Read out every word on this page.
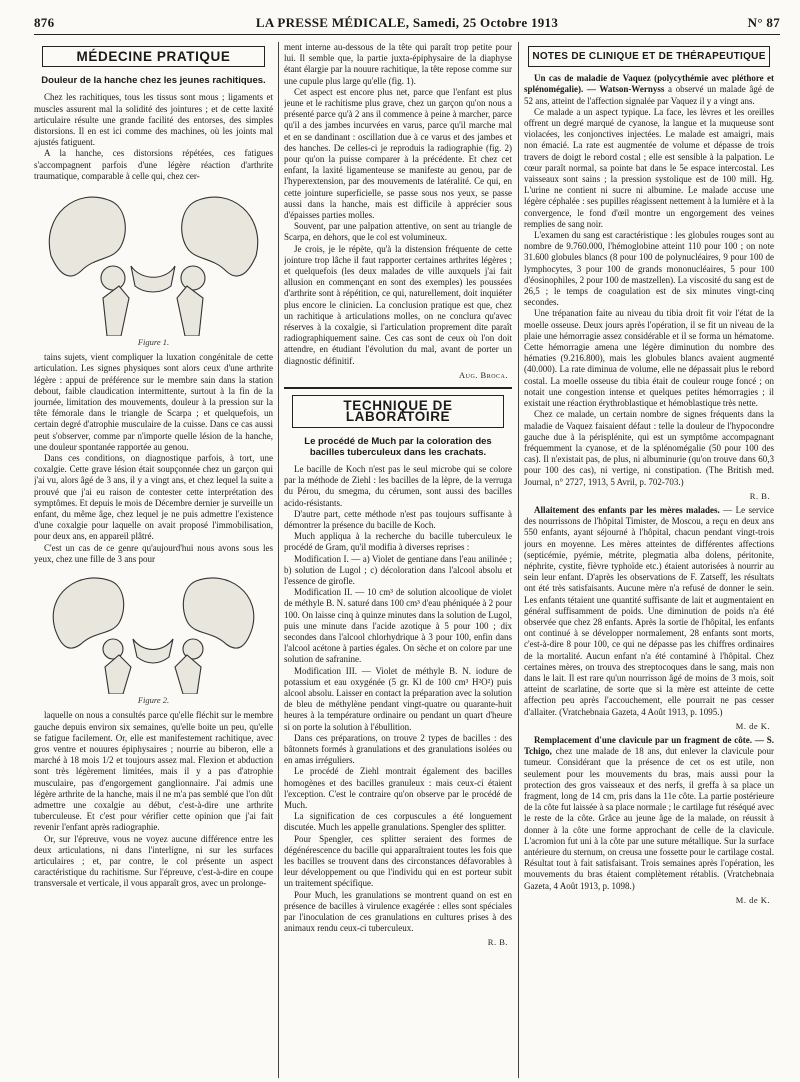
876	LA PRESSE MÉDICALE, Samedi, 25 Octobre 1913	N° 87
MÉDECINE PRATIQUE
Douleur de la hanche chez les jeunes rachitiques.

Chez les rachitiques, tous les tissus sont mous ; ligaments et muscles assurent mal la solidité des jointures ; et de cette laxité articulaire résulte une grande facilité des entorses, des simples distorsions. Il en est ici comme des machines, où les joints mal ajustés fatiguent.

A la hanche, ces distorsions répétées, ces fatigues s'accompagnent parfois d'une légère réaction d'arthrite traumatique, comparable à celle qui, chez cer-

Figure 1.

tains sujets, vient compliquer la luxation congénitale de cette articulation. Les signes physiques sont alors ceux d'une arthrite légère : appui de préférence sur le membre sain dans la station debout, faible claudication intermittente, surtout à la fin de la journée, limitation des mouvements, douleur à la pression sur la tête fémorale dans le triangle de Scarpa ; et quelquefois, un certain degré d'atrophie musculaire de la cuisse. Dans ce cas aussi peut s'observer, comme par n'importe quelle lésion de la hanche, une douleur spontanée rapportée au genou.

Dans ces conditions, on diagnostique parfois, à tort, une coxalgie. Cette grave lésion était soupçonnée chez un garçon qui j'ai vu, alors âgé de 3 ans, il y a vingt ans, et chez lequel la suite a prouvé que j'ai eu raison de contester cette interprétation des symptômes. Et depuis le mois de Décembre dernier je surveille un enfant, du même âge, chez lequel je ne puis admettre l'existence d'une coxalgie pour laquelle on avait proposé l'immobilisation, pour deux ans, en appareil plâtré.

C'est un cas de ce genre qu'aujourd'hui nous avons sous les yeux, chez une fille de 3 ans pour

Figure 2.

laquelle on nous a consultés parce qu'elle fléchit sur le membre gauche depuis environ six semaines, qu'elle boite un peu, qu'elle se fatigue facilement. Or, elle est manifestement rachitique, avec gros ventre et nouures épiphysaires ; nourrie au biberon, elle a marché à 18 mois 1/2 et toujours assez mal. Flexion et abduction sont très légèrement limitées, mais il y a pas d'atrophie musculaire, pas d'engorgement ganglionnaire. J'ai admis une légère arthrite de la hanche, mais il ne m'a pas semblé que l'on dût admettre une coxalgie au début, c'est-à-dire une arthrite tuberculeuse. Et c'est pour vérifier cette opinion que j'ai fait revenir l'enfant après radiographie.

Or, sur l'épreuve, vous ne voyez aucune différence entre les deux articulations, ni dans l'interligne, ni sur les surfaces articulaires ; et, par contre, le col présente un aspect caractéristique du rachitisme. Sur l'épreuve, c'est-à-dire en coupe transversale et verticale, il vous apparaît gros, avec un prolonge-

ment interne au-dessous de la tête qui paraît trop petite pour lui. Il semble que, la partie juxta-épiphysaire de la diaphyse étant élargie par la nouure rachitique, la tête repose comme sur une cupule plus large qu'elle (fig. 1).

Cet aspect est encore plus net, parce que l'enfant est plus jeune et le rachitisme plus grave, chez un garçon qu'on nous a présenté parce qu'à 2 ans il commence à peine à marcher, parce qu'il a des jambes incurvées en varus, parce qu'il marche mal et en se dandinant : oscillation due à ce varus et des jambes et des hanches. De celles-ci je reproduis la radiographie (fig. 2) pour qu'on la puisse comparer à la précédente. Et chez cet enfant, la laxité ligamenteuse se manifeste au genou, par de l'hyperextension, par des mouvements de latéralité. Ce qui, en cette jointure superficielle, se passe sous nos yeux, se passe aussi dans la hanche, mais est difficile à apprécier sous d'épaisses parties molles.

Souvent, par une palpation attentive, on sent au triangle de Scarpa, en dehors, que le col est volumineux.

Je crois, je le répète, qu'à la distension fréquente de cette jointure trop lâche il faut rapporter certaines arthrites légères ; et quelquefois (les deux malades de ville auxquels j'ai fait allusion en commençant en sont des exemples) les poussées d'arthrite sont à répétition, ce qui, naturellement, doit inquiéter plus encore le clinicien. La conclusion pratique est que, chez un rachitique à articulations molles, on ne conclura qu'avec réserves à la coxalgie, si l'articulation proprement dite paraît radiographiquement saine. Ces cas sont de ceux où l'on doit attendre, en étudiant l'évolution du mal, avant de porter un diagnostic définitif.

Aug. Broca.
TECHNIQUE DE LABORATOIRE
Le procédé de Much par la coloration des bacilles tuberculeux dans les crachats.

Le bacille de Koch n'est pas le seul microbe qui se colore par la méthode de Ziehl : les bacilles de la lèpre, de la verruga du Pérou, du smegma, du cérumen, sont aussi des bacilles acido-résistants.

D'autre part, cette méthode n'est pas toujours suffisante à démontrer la présence du bacille de Koch.

Much appliqua à la recherche du bacille tuberculeux le procédé de Gram, qu'il modifia à diverses reprises :

Modification I. — a) Violet de gentiane dans l'eau anilinée ; b) solution de Lugol ; c) décoloration dans l'alcool absolu et l'essence de girofle.

Modification II. — 10 cm³ de solution alcoolique de violet de méthyle B. N. saturé dans 100 cm³ d'eau phéniquée à 2 pour 100. On laisse cinq à quinze minutes dans la solution de Lugol, puis une minute dans l'acide azotique à 5 pour 100 ; dix secondes dans l'alcool chlorhydrique à 3 pour 100, enfin dans l'alcool acétone à parties égales. On sèche et on colore par une solution de safranine.

Modification III. — Violet de méthyle B. N. iodure de potassium et eau oxygénée (5 gr. Kl de 100 cm³ H²O²) puis alcool absolu. Laisser en contact la préparation avec la solution de bleu de méthylène pendant vingt-quatre ou quarante-huit heures à la température ordinaire ou pendant un quart d'heure si on porte la solution à l'ébullition.

Dans ces préparations, on trouve 2 types de bacilles : des bâtonnets formés à granulations et des granulations isolées ou en amas irréguliers.

Le procédé de Ziehl montrait également des bacilles homogènes et des bacilles granuleux : mais ceux-ci étaient l'exception. C'est le contraire qu'on observe par le procédé de Much.

La signification de ces corpuscules a été longuement discutée. Much les appelle granulations. Spengler des splitter.

Pour Spengler, ces splitter seraient des formes de dégénérescence du bacille qui apparaîtraient toutes les fois que les bacilles se trouvent dans des circonstances défavorables à leur développement ou que l'individu qui en est porteur subit un traitement spécifique.

Pour Much, les granulations se montrent quand on est en présence de bacilles à virulence exagérée : elles sont spéciales par l'inoculation de ces granulations en cultures prises à des animaux rendu ceux-ci tuberculeux.

R. B.
NOTES DE CLINIQUE ET DE THÉRAPEUTIQUE

Un cas de maladie de Vaquez (polycythémie avec pléthore et splénomégalie). — Watson-Wernyss a observé un malade âgé de 52 ans, atteint de l'affection signalée par Vaquez il y a vingt ans.

Ce malade a un aspect typique. La face, les lèvres et les oreilles offrent un degré marqué de cyanose, la langue et la muqueuse sont violacées, les conjonctives injectées. Le malade est amaigri, mais non émacié. La rate est augmentée de volume et dépasse de trois travers de doigt le rebord costal ; elle est sensible à la palpation. Le cœur paraît normal, sa pointe bat dans le 5e espace intercostal. Les vaisseaux sont sains ; la pression systolique est de 100 mill. Hg. L'urine ne contient ni sucre ni albumine. Le malade accuse une légère céphalée : ses pupilles réagissent nettement à la lumière et à la convergence, le fond d'œil montre un engorgement des veines remplies de sang noir.

L'examen du sang est caractéristique : les globules rouges sont au nombre de 9.760.000, l'hémoglobine atteint 110 pour 100 ; on note 31.600 globules blancs (8 pour 100 de polynucléaires, 9 pour 100 de lymphocytes, 3 pour 100 de grands mononucléaires, 5 pour 100 d'éosinophiles, 2 pour 100 de mastzellen). La viscosité du sang est de 26,5 ; le temps de coagulation est de six minutes vingt-cinq secondes.

Une trépanation faite au niveau du tibia droit fit voir l'état de la moelle osseuse. Deux jours après l'opération, il se fit un niveau de la plaie une hémorragie assez considérable et il se forma un hématome. Cette hémorragie amena une légère diminution du nombre des hématies (9.216.800), mais les globules blancs avaient augmenté (40.000). La rate diminua de volume, elle ne dépassait plus le rebord costal. La moelle osseuse du tibia était de couleur rouge foncé ; on notait une congestion intense et quelques petites hémorragies ; il existait une réaction érythroblastique et hémoblastique très nette.

Chez ce malade, un certain nombre de signes fréquents dans la maladie de Vaquez faisaient défaut : telle la douleur de l'hypocondre gauche due à la périsplénite, qui est un symptôme accompagnant fréquemment la cyanose, et de la splénomégalie (50 pour 100 des cas). Il n'existait pas, de plus, ni albuminurie (qu'on trouve dans 60,3 pour 100 des cas), ni vertige, ni constipation. (The British med. Journal, n° 2727, 1913, 5 Avril, p. 702-703.)

R. B.

Allaitement des enfants par les mères malades. — Le service des nourrissons de l'hôpital Timister, de Moscou, a reçu en deux ans 550 enfants, ayant séjourné à l'hôpital, chacun pendant vingt-trois jours en moyenne. Les mères atteintes de différentes affections (septicémie, pyémie, métrite, plegmatia alba dolens, péritonite, néphrite, cystite, fièvre typhoïde etc.) étaient autorisées à nourrir au sein leur enfant. D'après les observations de F. Zatseff, les résultats ont été très satisfaisants. Aucune mère n'a refusé de donner le sein. Les enfants tétaient une quantité suffisante de lait et augmentaient en général suffisamment de poids. Une diminution de poids n'a été observée que chez 28 enfants. Après la sortie de l'hôpital, les enfants ont continué à se développer normalement, 28 enfants sont morts, c'est-à-dire 8 pour 100, ce qui ne dépasse pas les chiffres ordinaires de la mortalité. Aucun enfant n'a été contaminé à l'hôpital. Chez certaines mères, on trouva des streptocoques dans le sang, mais non dans le lait. Il est rare qu'un nourrisson âgé de moins de 3 mois, soit atteint de scarlatine, de sorte que si la mère est atteinte de cette affection peu après l'accouchement, elle pourrait ne pas cesser d'allaiter. (Vratchebnaia Gazeta, 4 Août 1913, p. 1095.)

M. de K.

Remplacement d'une clavicule par un fragment de côte. — S. Tchigo, chez une malade de 18 ans, dut enlever la clavicule pour tumeur. Considérant que la présence de cet os est utile, non seulement pour les mouvements du bras, mais aussi pour la protection des gros vaisseaux et des nerfs, il greffa à sa place un fragment, long de 14 cm, pris dans la 11e côte. La partie postérieure de la côte fut laissée à sa place normale ; le cartilage fut réséqué avec le reste de la côte. Grâce au jeune âge de la malade, on réussit à donner à la côte une forme approchant de celle de la clavicule. L'acromion fut uni à la côte par une suture métallique. Sur la surface antérieure du sternum, on creusa une fossette pour le cartilage costal. Résultat tout à fait satisfaisant. Trois semaines après l'opération, les mouvements du bras étaient complètement rétablis. (Vratchebnaia Gazeta, 4 Août 1913, p. 1098.)

M. de K.
